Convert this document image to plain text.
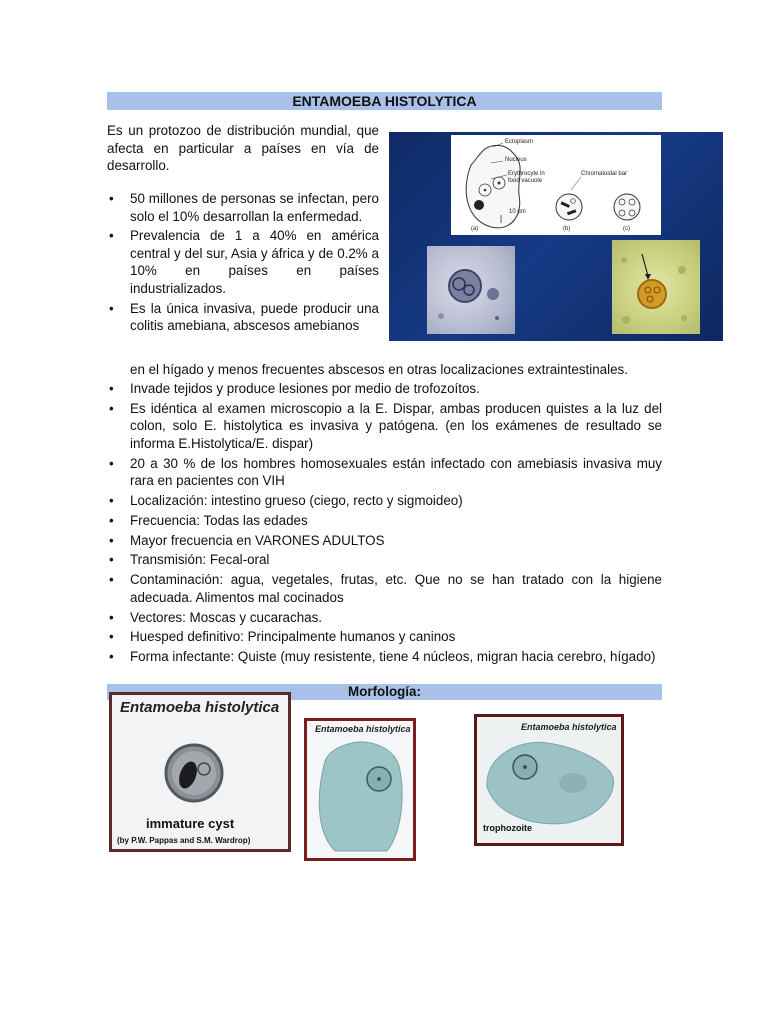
ENTAMOEBA HISTOLYTICA
Es un protozoo de distribución mundial, que afecta en particular a países en vía de desarrollo.
• 50 millones de personas se infectan, pero solo el 10% desarrollan la enfermedad.
• Prevalencia de 1 a 40% en américa central y del sur, Asia y áfrica y de 0.2% a 10% en países en países industrializados.
• Es la única invasiva, puede producir una colitis amebiana, abscesos amebianos
en el hígado y menos frecuentes abscesos en otras localizaciones extraintestinales.
• Invade tejidos y produce lesiones por medio de trofozoítos.
• Es idéntica al examen microscopio a la E. Dispar, ambas producen quistes a la luz del colon, solo E. histolytica es invasiva y patógena. (en los exámenes de resultado se informa E.Histolytica/E. dispar)
• 20 a 30 % de los hombres homosexuales están infectado con amebiasis invasiva muy rara en pacientes con VIH
• Localización: intestino grueso (ciego, recto y sigmoideo)
• Frecuencia: Todas las edades
• Mayor frecuencia en VARONES ADULTOS
• Transmisión: Fecal-oral
• Contaminación: agua, vegetales, frutas, etc. Que no se han tratado con la higiene adecuada. Alimentos mal cocinados
• Vectores: Moscas y cucarachas.
• Huesped definitivo: Principalmente humanos y caninos
• Forma infectante: Quiste (muy resistente, tiene 4 núcleos, migran hacia cerebro, hígado)
Ectoplasm
Nucleus
Erythrocyte in food vacuole
Chromatoidal bar
10 µm
(a)	(b)	(c)
Morfología:
Entamoeba histolytica
immature cyst
(by P.W. Pappas and S.M. Wardrop)
Entamoeba histolytica	Entamoeba histolytica
trophozoite
